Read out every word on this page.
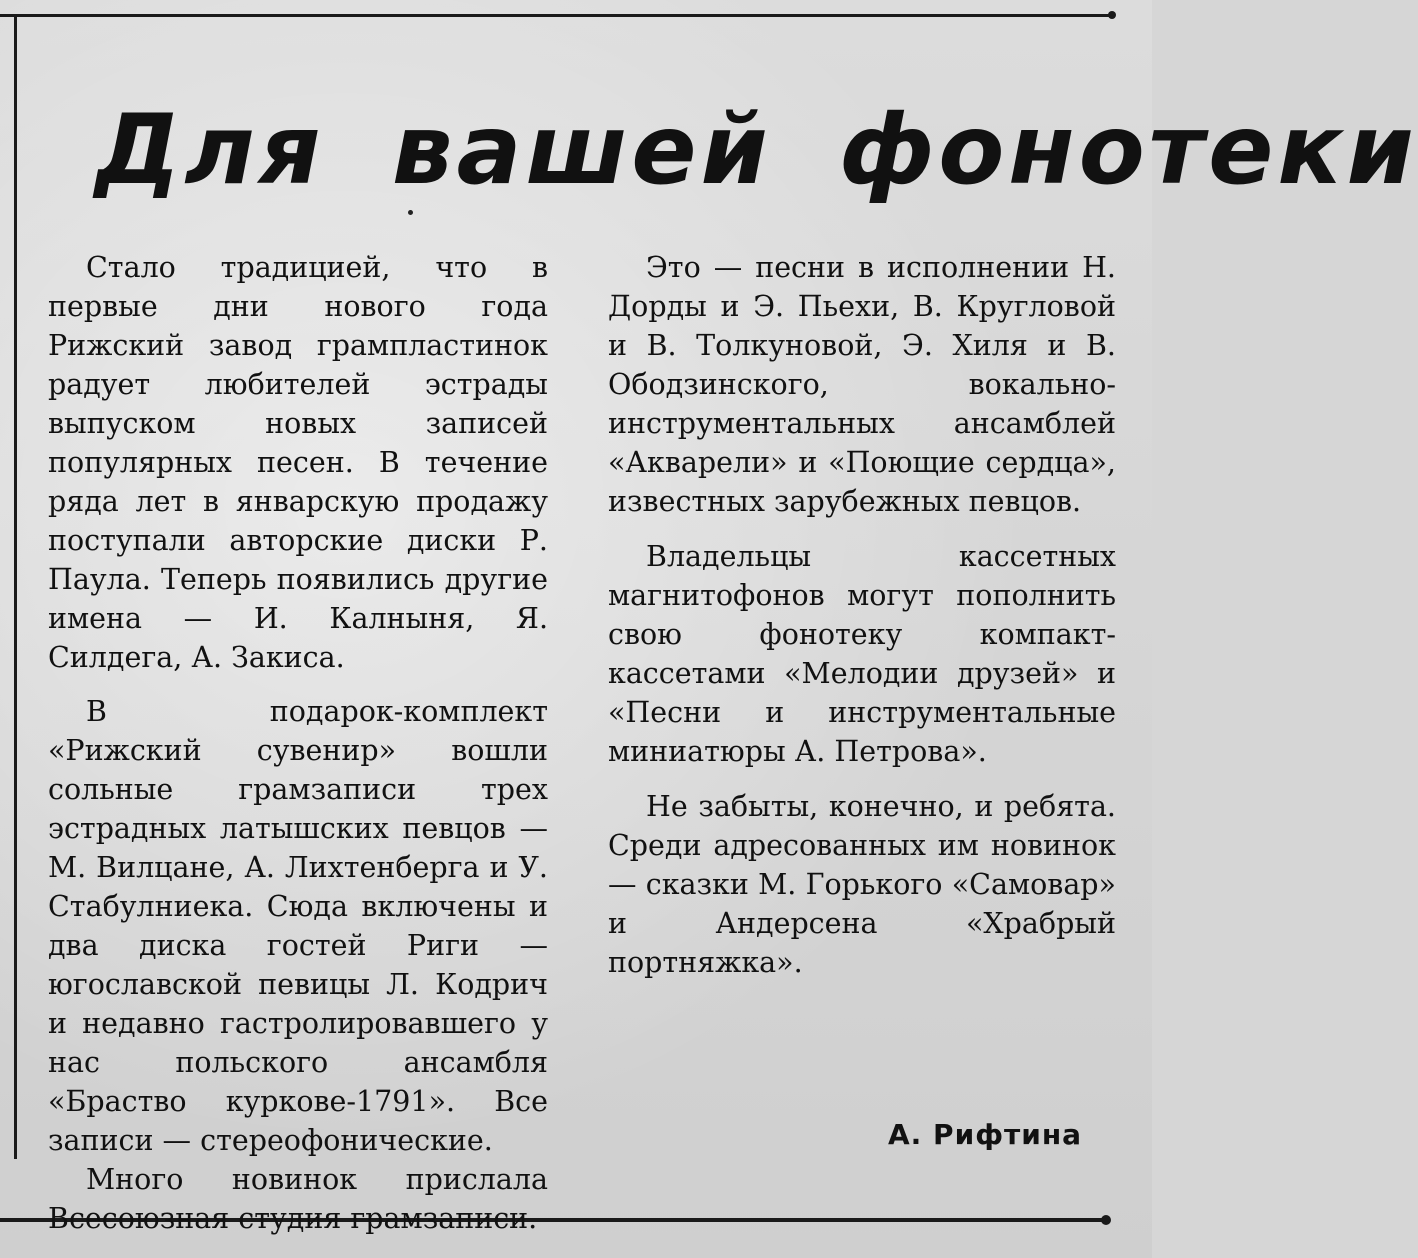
Для вашей фонотеки

Стало традицией, что в первые дни нового года Рижский завод грампластинок радует любителей эстрады выпуском новых записей популярных песен. В течение ряда лет в январскую продажу поступали авторские диски Р. Паула. Теперь появились другие имена — И. Калныня, Я. Силдега, А. Закиса.

В подарок-комплект «Рижский сувенир» вошли сольные грамзаписи трех эстрадных латышских певцов — М. Вилцане, А. Лихтенберга и У. Стабулниека. Сюда включены и два диска гостей Риги — югославской певицы Л. Кодрич и недавно гастролировавшего у нас польского ансамбля «Браство куркове-1791». Все записи — стереофонические.

Много новинок прислала Всесоюзная студия грамзаписи.

Это — песни в исполнении Н. Дорды и Э. Пьехи, В. Кругловой и В. Толкуновой, Э. Хиля и В. Ободзинского, вокально-инструментальных ансамблей «Акварели» и «Поющие сердца», известных зарубежных певцов.

Владельцы кассетных магнитофонов могут пополнить свою фонотеку компакт-кассетами «Мелодии друзей» и «Песни и инструментальные миниатюры А. Петрова».

Не забыты, конечно, и ребята. Среди адресованных им новинок — сказки М. Горького «Самовар» и Андерсена «Храбрый портняжка».

А. Рифтина
